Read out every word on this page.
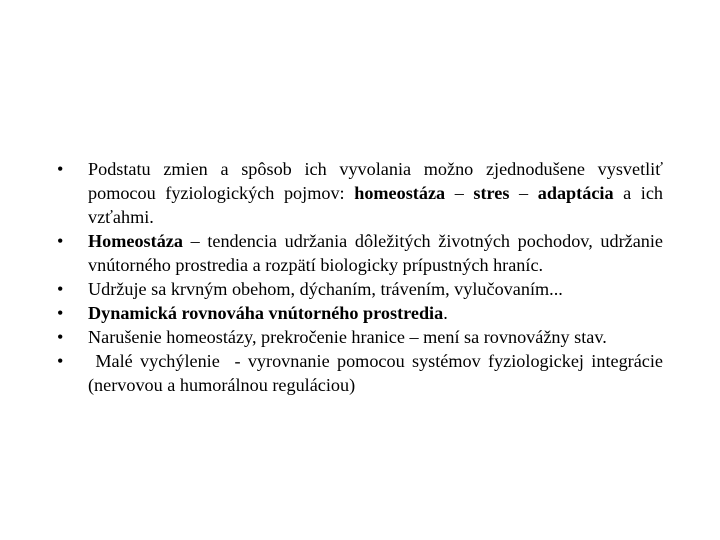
•	Podstatu zmien a spôsob ich vyvolania možno zjednodušene vysvetliť pomocou fyziologických pojmov: homeostáza – stres – adaptácia a ich vzťahmi.
•	Homeostáza – tendencia udržania dôležitých životných pochodov, udržanie vnútorného prostredia a rozpätí biologicky prípustných hraníc.
•	Udržuje sa krvným obehom, dýchaním, trávením, vylučovaním...
•	Dynamická rovnováha vnútorného prostredia.
•	Narušenie homeostázy, prekročenie hranice – mení sa rovnovážny stav.
•	Malé vychýlenie  - vyrovnanie pomocou systémov fyziologickej integrácie (nervovou a humorálnou reguláciou)
